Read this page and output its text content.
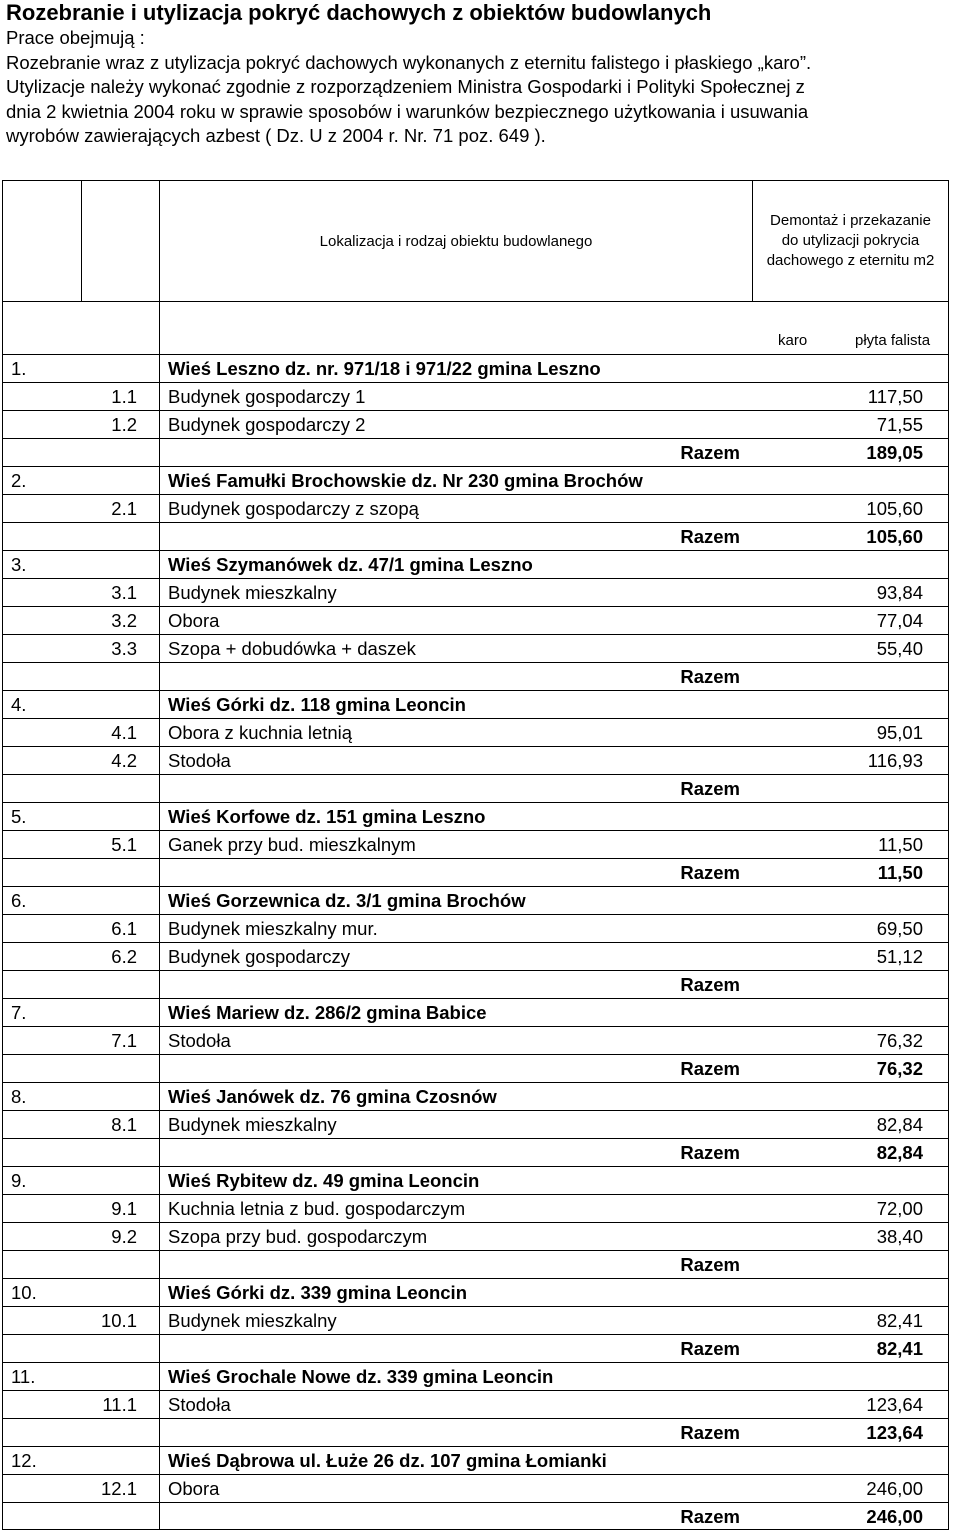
Rozebranie i utylizacja pokryć dachowych z obiektów budowlanych
Prace obejmują :
Rozebranie wraz z utylizacja pokryć dachowych wykonanych z eternitu falistego i płaskiego „karo”.
Utylizacje należy wykonać zgodnie z rozporządzeniem Ministra Gospodarki i Polityki Społecznej z
dnia 2 kwietnia 2004 roku w sprawie sposobów i warunków bezpiecznego użytkowania i usuwania
wyrobów zawierających azbest ( Dz. U z 2004 r. Nr. 71 poz. 649 ).
Lokalizacja i rodzaj obiektu budowlanego
Demontaż i przekazanie do utylizacji pokrycia dachowego z eternitu m2
karo	płyta falista
1.	Wieś Leszno dz. nr. 971/18 i 971/22 gmina Leszno
1.1 Budynek gospodarczy 1	117,50
1.2 Budynek gospodarczy 2	71,55
Razem	189,05
2.	Wieś Famułki Brochowskie dz. Nr 230 gmina Brochów
2.1 Budynek gospodarczy z szopą	105,60
Razem	105,60
3.	Wieś Szymanówek dz. 47/1 gmina Leszno
3.1 Budynek mieszkalny	93,84
3.2 Obora	77,04
3.3 Szopa + dobudówka + daszek	55,40
Razem
4.	Wieś Górki dz. 118 gmina Leoncin
4.1 Obora z kuchnia letnią	95,01
4.2 Stodoła	116,93
Razem
5.	Wieś Korfowe dz. 151 gmina Leszno
5.1 Ganek przy bud. mieszkalnym	11,50
Razem	11,50
6.	Wieś Gorzewnica dz. 3/1 gmina Brochów
6.1 Budynek mieszkalny mur.	69,50
6.2 Budynek gospodarczy	51,12
Razem
7.	Wieś Mariew dz. 286/2 gmina Babice
7.1 Stodoła	76,32
Razem	76,32
8.	Wieś Janówek dz. 76 gmina Czosnów
8.1 Budynek mieszkalny	82,84
Razem	82,84
9.	Wieś Rybitew dz. 49 gmina Leoncin
9.1 Kuchnia letnia z bud. gospodarczym	72,00
9.2 Szopa przy bud. gospodarczym	38,40
Razem
10.	Wieś Górki dz. 339 gmina Leoncin
10.1 Budynek mieszkalny	82,41
Razem	82,41
11.	Wieś Grochale Nowe dz. 339 gmina Leoncin
11.1 Stodoła	123,64
Razem	123,64
12.	Wieś Dąbrowa ul. Łuże 26 dz. 107 gmina Łomianki
12.1 Obora	246,00
Razem	246,00
